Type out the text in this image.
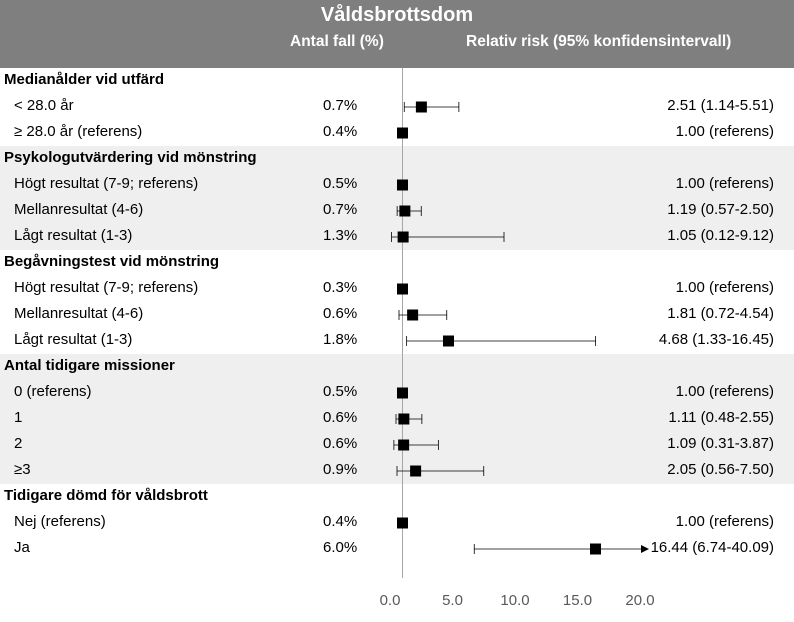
Våldsbrottsdom
Antal fall (%)	Relativ risk (95% konfidensintervall)
Medianålder vid utfärd
< 28.0 år	0.7%	2.51 (1.14-5.51)
≥ 28.0 år (referens)	0.4%	1.00 (referens)
Psykologutvärdering vid mönstring
Högt resultat (7-9; referens)	0.5%	1.00 (referens)
Mellanresultat (4-6)	0.7%	1.19 (0.57-2.50)
Lågt resultat (1-3)	1.3%	1.05 (0.12-9.12)
Begåvningstest vid mönstring
Högt resultat (7-9; referens)	0.3%	1.00 (referens)
Mellanresultat (4-6)	0.6%	1.81 (0.72-4.54)
Lågt resultat (1-3)	1.8%	4.68 (1.33-16.45)
Antal tidigare missioner
0 (referens)	0.5%	1.00 (referens)
1	0.6%	1.11 (0.48-2.55)
2	0.6%	1.09 (0.31-3.87)
≥3	0.9%	2.05 (0.56-7.50)
Tidigare dömd för våldsbrott
Nej (referens)	0.4%	1.00 (referens)
Ja	6.0%	16.44 (6.74-40.09)
0.0	5.0	10.0	15.0	20.0
